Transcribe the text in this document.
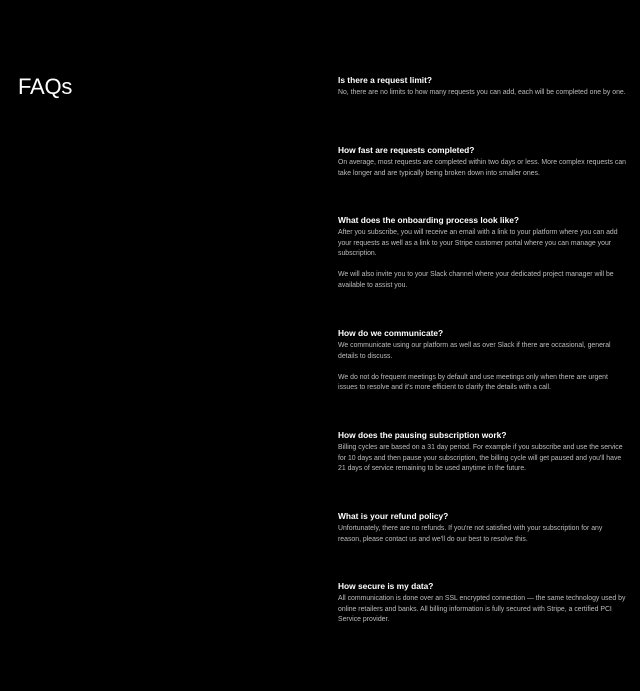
FAQs	Is there a request limit?

No, there are no limits to how many requests you can add, each will be completed one by one.

How fast are requests completed?

On average, most requests are completed within two days or less. More complex requests can take longer and are typically being broken down into smaller ones.

What does the onboarding process look like?

After you subscribe, you will receive an email with a link to your platform where you can add your requests as well as a link to your Stripe customer portal where you can manage your subscription.

We will also invite you to your Slack channel where your dedicated project manager will be available to assist you.

How do we communicate?

We communicate using our platform as well as over Slack if there are occasional, general details to discuss.

We do not do frequent meetings by default and use meetings only when there are urgent issues to resolve and it's more efficient to clarify the details with a call.

How does the pausing subscription work?

Billing cycles are based on a 31 day period. For example if you subscribe and use the service for 10 days and then pause your subscription, the billing cycle will get paused and you'll have 21 days of service remaining to be used anytime in the future.

What is your refund policy?

Unfortunately, there are no refunds. If you're not satisfied with your subscription for any reason, please contact us and we'll do our best to resolve this.

How secure is my data?

All communication is done over an SSL encrypted connection — the same technology used by online retailers and banks. All billing information is fully secured with Stripe, a certified PCI Service provider.
